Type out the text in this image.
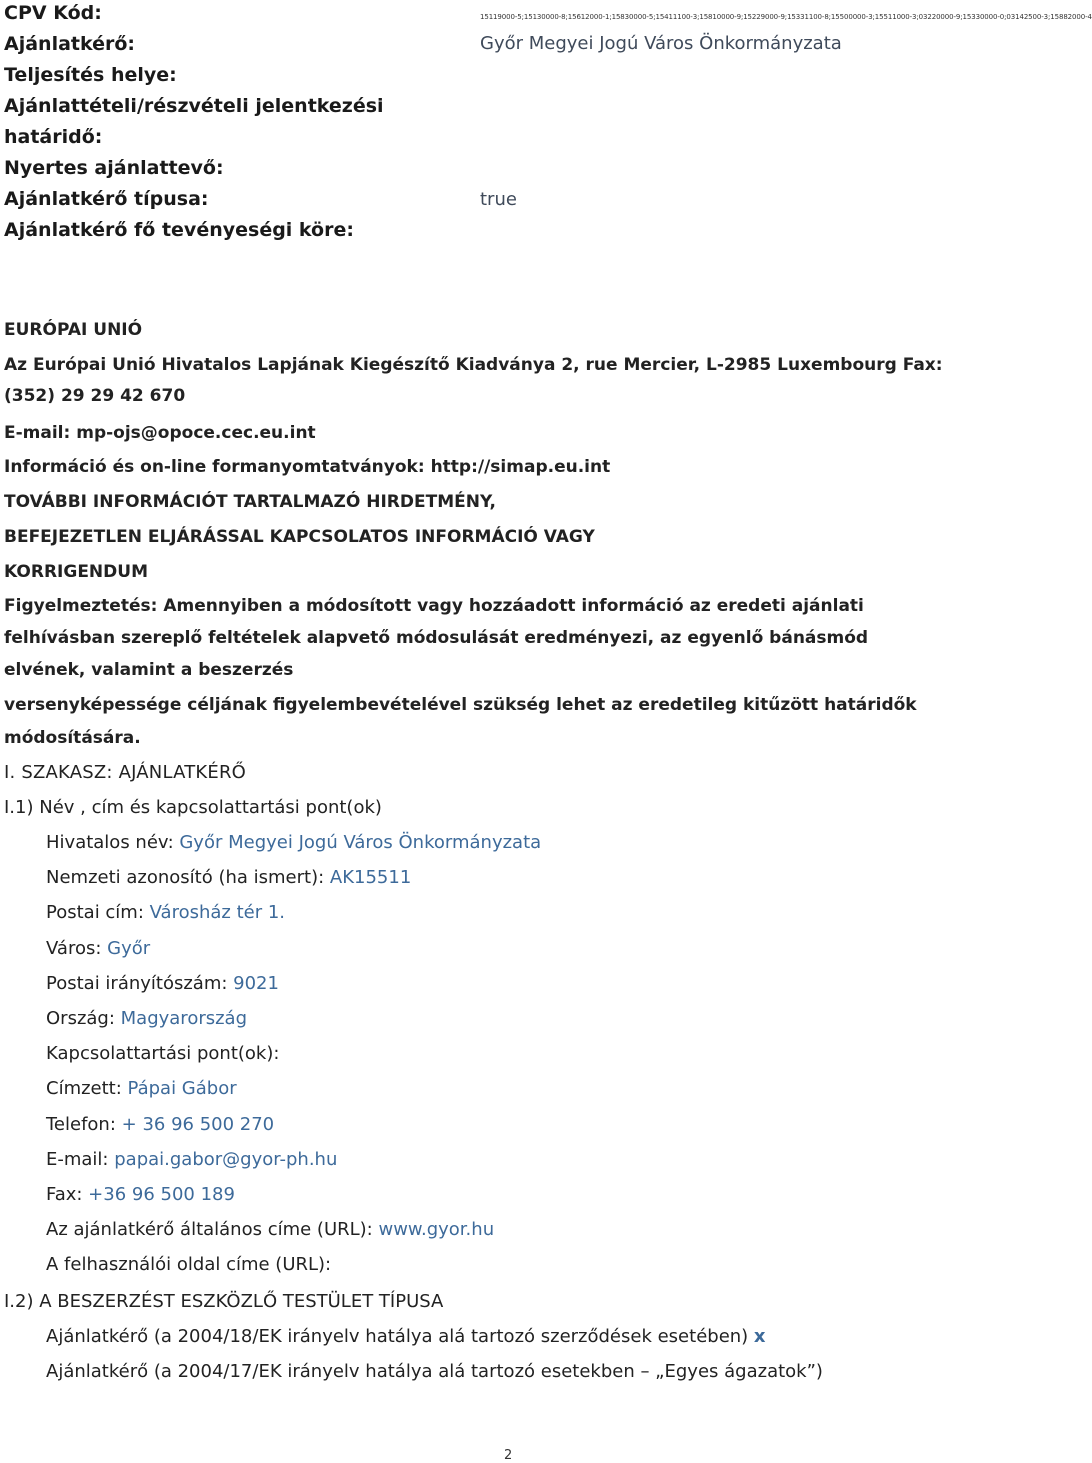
CPV Kód:	15119000-5;15130000-8;15612000-1;15830000-5;15411100-3;15810000-9;15229000-9;15331100-8;15500000-3;15511000-3;03220000-9;15330000-0;03142500-3;15882000-4
Ajánlatkérő:	Győr Megyei Jogú Város Önkormányzata
Teljesítés helye:
Ajánlattételi/részvételi jelentkezési
határidő:
Nyertes ajánlattevő:
Ajánlatkérő típusa:	true
Ajánlatkérő fő tevényeségi köre:
EURÓPAI UNIÓ
Az Európai Unió Hivatalos Lapjának Kiegészítő Kiadványa 2, rue Mercier, L-2985 Luxembourg Fax:
(352) 29 29 42 670
E-mail: mp-ojs@opoce.cec.eu.int
Információ és on-line formanyomtatványok: http://simap.eu.int
TOVÁBBI INFORMÁCIÓT TARTALMAZÓ HIRDETMÉNY,
BEFEJEZETLEN ELJÁRÁSSAL KAPCSOLATOS INFORMÁCIÓ VAGY
KORRIGENDUM
Figyelmeztetés: Amennyiben a módosított vagy hozzáadott információ az eredeti ajánlati
felhívásban szereplő feltételek alapvető módosulását eredményezi, az egyenlő bánásmód
elvének, valamint a beszerzés
versenyképessége céljának figyelembevételével szükség lehet az eredetileg kitűzött határidők
módosítására.
I. SZAKASZ: AJÁNLATKÉRŐ
I.1) Név , cím és kapcsolattartási pont(ok)
Hivatalos név: Győr Megyei Jogú Város Önkormányzata
Nemzeti azonosító (ha ismert): AK15511
Postai cím: Városház tér 1.
Város: Győr
Postai irányítószám: 9021
Ország: Magyarország
Kapcsolattartási pont(ok):
Címzett: Pápai Gábor
Telefon: + 36 96 500 270
E-mail: papai.gabor@gyor-ph.hu
Fax: +36 96 500 189
Az ajánlatkérő általános címe (URL): www.gyor.hu
A felhasználói oldal címe (URL):
I.2) A BESZERZÉST ESZKÖZLŐ TESTÜLET TÍPUSA
Ajánlatkérő (a 2004/18/EK irányelv hatálya alá tartozó szerződések esetében) x
Ajánlatkérő (a 2004/17/EK irányelv hatálya alá tartozó esetekben – „Egyes ágazatok”)
2
